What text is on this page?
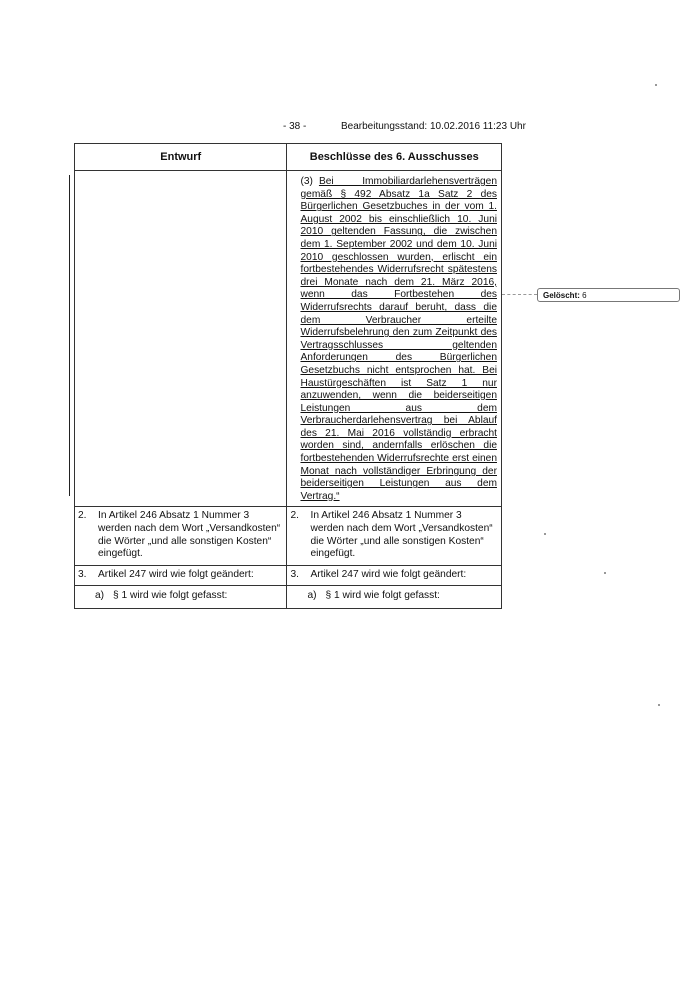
- 38 -	Bearbeitungsstand: 10.02.2016 11:23 Uhr
Entwurf	Beschlüsse des 6. Ausschusses

	(3) Bei Immobiliardarlehensverträgen gemäß § 492 Absatz 1a Satz 2 des Bürgerlichen Gesetzbuches in der vom 1. August 2002 bis einschließlich 10. Juni 2010 geltenden Fassung, die zwischen dem 1. September 2002 und dem 10. Juni 2010 geschlossen wurden, erlischt ein fortbestehendes Widerrufsrecht spätestens drei Monate nach dem 21. März 2016, wenn das Fortbestehen des Widerrufsrechts darauf beruht, dass die dem Verbraucher erteilte Widerrufsbelehrung den zum Zeitpunkt des Vertragsschlusses geltenden Anforderungen des Bürgerlichen Gesetzbuchs nicht entsprochen hat. Bei Haustürgeschäften ist Satz 1 nur anzuwenden, wenn die beiderseitigen Leistungen aus dem Verbraucherdarlehensvertrag bei Ablauf des 21. Mai 2016 vollständig erbracht worden sind, andernfalls erlöschen die fortbestehenden Widerrufsrechte erst einen Monat nach vollständiger Erbringung der beiderseitigen Leistungen aus dem Vertrag.“

2. In Artikel 246 Absatz 1 Nummer 3 werden nach dem Wort „Versandkosten“ die Wörter „und alle sonstigen Kosten“ eingefügt.	2. In Artikel 246 Absatz 1 Nummer 3 werden nach dem Wort „Versandkosten“ die Wörter „und alle sonstigen Kosten“ eingefügt.

3. Artikel 247 wird wie folgt geändert:	3. Artikel 247 wird wie folgt geändert:

a) § 1 wird wie folgt gefasst:	a) § 1 wird wie folgt gefasst:
Gelöscht: 6
